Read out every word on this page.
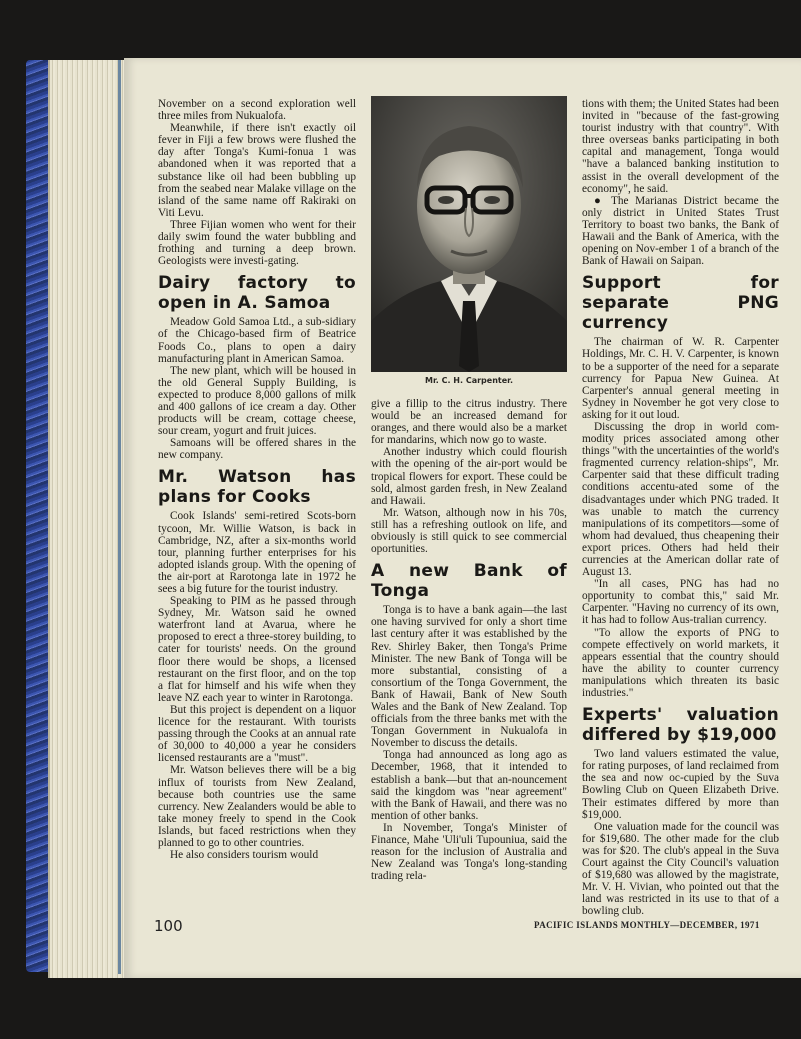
November on a second exploration well three miles from Nukualofa.

Meanwhile, if there isn't exactly oil fever in Fiji a few brows were flushed the day after Tonga's Kumi-fonua 1 was abandoned when it was reported that a substance like oil had been bubbling up from the seabed near Malake village on the island of the same name off Rakiraki on Viti Levu.

Three Fijian women who went for their daily swim found the water bubbling and frothing and turning a deep brown. Geologists were investi-gating.

Dairy factory to open in A. Samoa

Meadow Gold Samoa Ltd., a sub-sidiary of the Chicago-based firm of Beatrice Foods Co., plans to open a dairy manufacturing plant in American Samoa.

The new plant, which will be housed in the old General Supply Building, is expected to produce 8,000 gallons of milk and 400 gallons of ice cream a day. Other products will be cream, cottage cheese, sour cream, yogurt and fruit juices.

Samoans will be offered shares in the new company.

Mr. Watson has plans for Cooks

Cook Islands' semi-retired Scots-born tycoon, Mr. Willie Watson, is back in Cambridge, NZ, after a six-months world tour, planning further enterprises for his adopted islands group. With the opening of the air-port at Rarotonga late in 1972 he sees a big future for the tourist industry.

Speaking to PIM as he passed through Sydney, Mr. Watson said he owned waterfront land at Avarua, where he proposed to erect a three-storey building, to cater for tourists' needs. On the ground floor there would be shops, a licensed restaurant on the first floor, and on the top a flat for himself and his wife when they leave NZ each year to winter in Rarotonga.

But this project is dependent on a liquor licence for the restaurant. With tourists passing through the Cooks at an annual rate of 30,000 to 40,000 a year he considers licensed restaurants are a "must".

Mr. Watson believes there will be a big influx of tourists from New Zealand, because both countries use the same currency. New Zealanders would be able to take money freely to spend in the Cook Islands, but faced restrictions when they planned to go to other countries.

He also considers tourism would

Mr. C. H. Carpenter.

give a fillip to the citrus industry. There would be an increased demand for oranges, and there would also be a market for mandarins, which now go to waste.

Another industry which could flourish with the opening of the air-port would be tropical flowers for export. These could be sold, almost garden fresh, in New Zealand and Hawaii.

Mr. Watson, although now in his 70s, still has a refreshing outlook on life, and obviously is still quick to see commercial oportunities.

A new Bank of Tonga

Tonga is to have a bank again—the last one having survived for only a short time last century after it was established by the Rev. Shirley Baker, then Tonga's Prime Minister. The new Bank of Tonga will be more substantial, consisting of a consortium of the Tonga Government, the Bank of Hawaii, Bank of New South Wales and the Bank of New Zealand. Top officials from the three banks met with the Tongan Government in Nukualofa in November to discuss the details.

Tonga had announced as long ago as December, 1968, that it intended to establish a bank—but that an-nouncement said the kingdom was "near agreement" with the Bank of Hawaii, and there was no mention of other banks.

In November, Tonga's Minister of Finance, Mahe 'Uli'uli Tupouniua, said the reason for the inclusion of Australia and New Zealand was Tonga's long-standing trading rela-

tions with them; the United States had been invited in "because of the fast-growing tourist industry with that country". With three overseas banks participating in both capital and management, Tonga would "have a balanced banking institution to assist in the overall development of the economy", he said.

● The Marianas District became the only district in United States Trust Territory to boast two banks, the Bank of Hawaii and the Bank of America, with the opening on Nov-ember 1 of a branch of the Bank of Hawaii on Saipan.

Support for separate PNG currency

The chairman of W. R. Carpenter Holdings, Mr. C. H. V. Carpenter, is known to be a supporter of the need for a separate currency for Papua New Guinea. At Carpenter's annual general meeting in Sydney in November he got very close to asking for it out loud.

Discussing the drop in world com-modity prices associated among other things "with the uncertainties of the world's fragmented currency relation-ships", Mr. Carpenter said that these difficult trading conditions accentu-ated some of the disadvantages under which PNG traded. It was unable to match the currency manipulations of its competitors—some of whom had devalued, thus cheapening their export prices. Others had held their currencies at the American dollar rate of August 13.

"In all cases, PNG has had no opportunity to combat this," said Mr. Carpenter. "Having no currency of its own, it has had to follow Aus-tralian currency.

"To allow the exports of PNG to compete effectively on world markets, it appears essential that the country should have the ability to counter currency manipulations which threaten its basic industries."

Experts' valuation differed by $19,000

Two land valuers estimated the value, for rating purposes, of land reclaimed from the sea and now oc-cupied by the Suva Bowling Club on Queen Elizabeth Drive. Their estimates differed by more than $19,000.

One valuation made for the council was for $19,680. The other made for the club was for $20. The club's appeal in the Suva Court against the City Council's valuation of $19,680 was allowed by the magistrate, Mr. V. H. Vivian, who pointed out that the land was restricted in its use to that of a bowling club.

100	PACIFIC ISLANDS MONTHLY—DECEMBER, 1971
